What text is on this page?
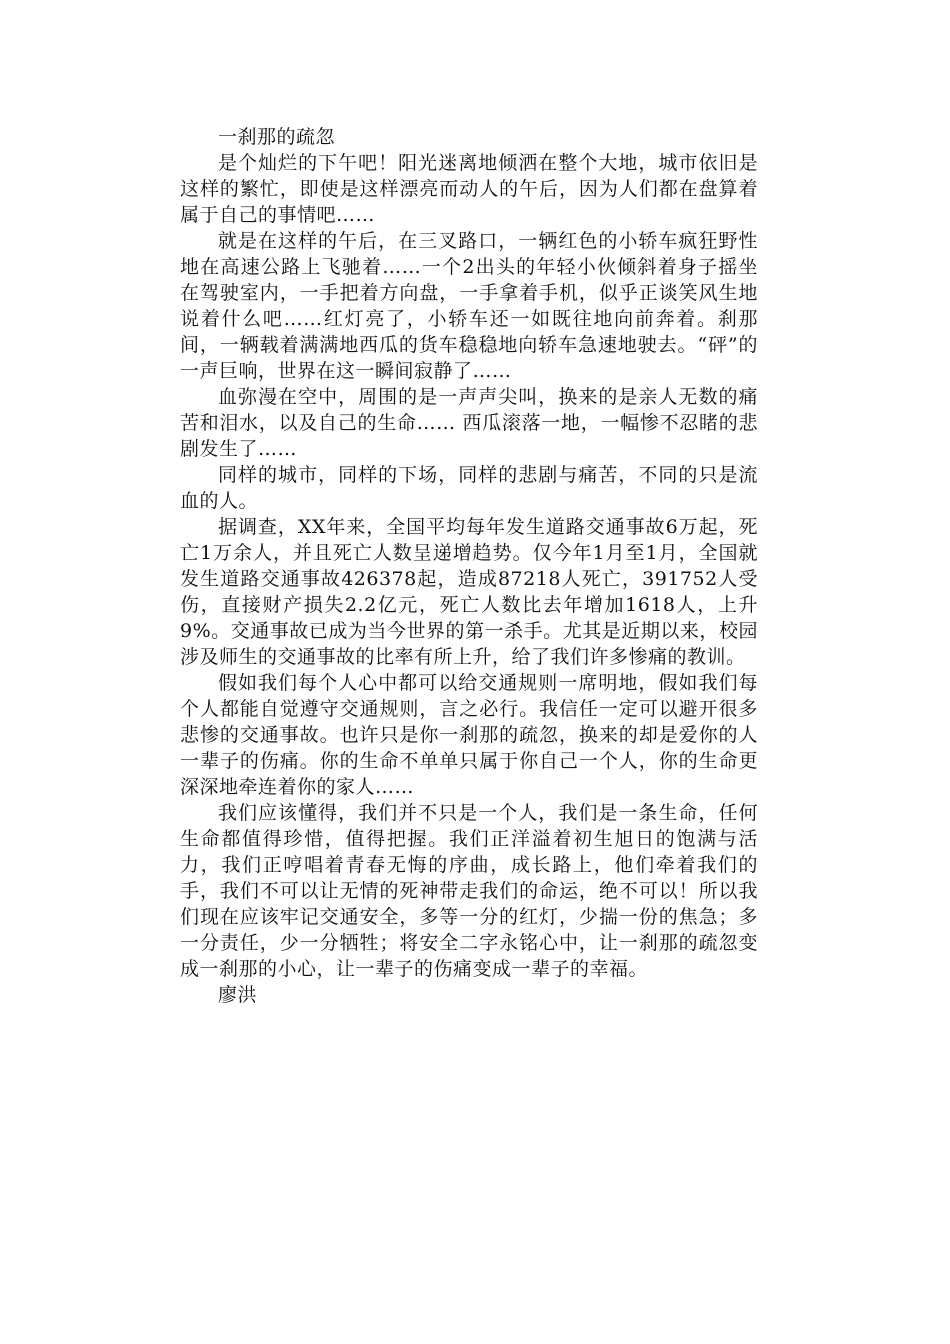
一刹那的疏忽

是个灿烂的下午吧！阳光迷离地倾洒在整个大地，城市依旧是这样的繁忙，即使是这样漂亮而动人的午后，因为人们都在盘算着属于自己的事情吧……

就是在这样的午后，在三叉路口，一辆红色的小轿车疯狂野性地在高速公路上飞驰着……一个2出头的年轻小伙倾斜着身子摇坐在驾驶室内，一手把着方向盘，一手拿着手机，似乎正谈笑风生地说着什么吧……红灯亮了，小轿车还一如既往地向前奔着。刹那间，一辆载着满满地西瓜的货车稳稳地向轿车急速地驶去。“砰”的一声巨响，世界在这一瞬间寂静了……

血弥漫在空中，周围的是一声声尖叫，换来的是亲人无数的痛苦和泪水，以及自己的生命…… 西瓜滚落一地，一幅惨不忍睹的悲剧发生了……

同样的城市，同样的下场，同样的悲剧与痛苦，不同的只是流血的人。

据调查，XX年来，全国平均每年发生道路交通事故6万起，死亡1万余人，并且死亡人数呈递增趋势。仅今年1月至1月，全国就发生道路交通事故426378起，造成87218人死亡，391752人受伤，直接财产损失2.2亿元，死亡人数比去年增加1618人，上升9%。交通事故已成为当今世界的第一杀手。尤其是近期以来，校园涉及师生的交通事故的比率有所上升，给了我们许多惨痛的教训。

假如我们每个人心中都可以给交通规则一席明地，假如我们每个人都能自觉遵守交通规则，言之必行。我信任一定可以避开很多悲惨的交通事故。也许只是你一刹那的疏忽，换来的却是爱你的人一辈子的伤痛。你的生命不单单只属于你自己一个人，你的生命更深深地牵连着你的家人……

我们应该懂得，我们并不只是一个人，我们是一条生命，任何生命都值得珍惜，值得把握。我们正洋溢着初生旭日的饱满与活力，我们正哼唱着青春无悔的序曲，成长路上，他们牵着我们的手，我们不可以让无情的死神带走我们的命运，绝不可以！所以我们现在应该牢记交通安全，多等一分的红灯，少揣一份的焦急；多一分责任，少一分牺牲；将安全二字永铭心中，让一刹那的疏忽变成一刹那的小心，让一辈子的伤痛变成一辈子的幸福。

廖洪
